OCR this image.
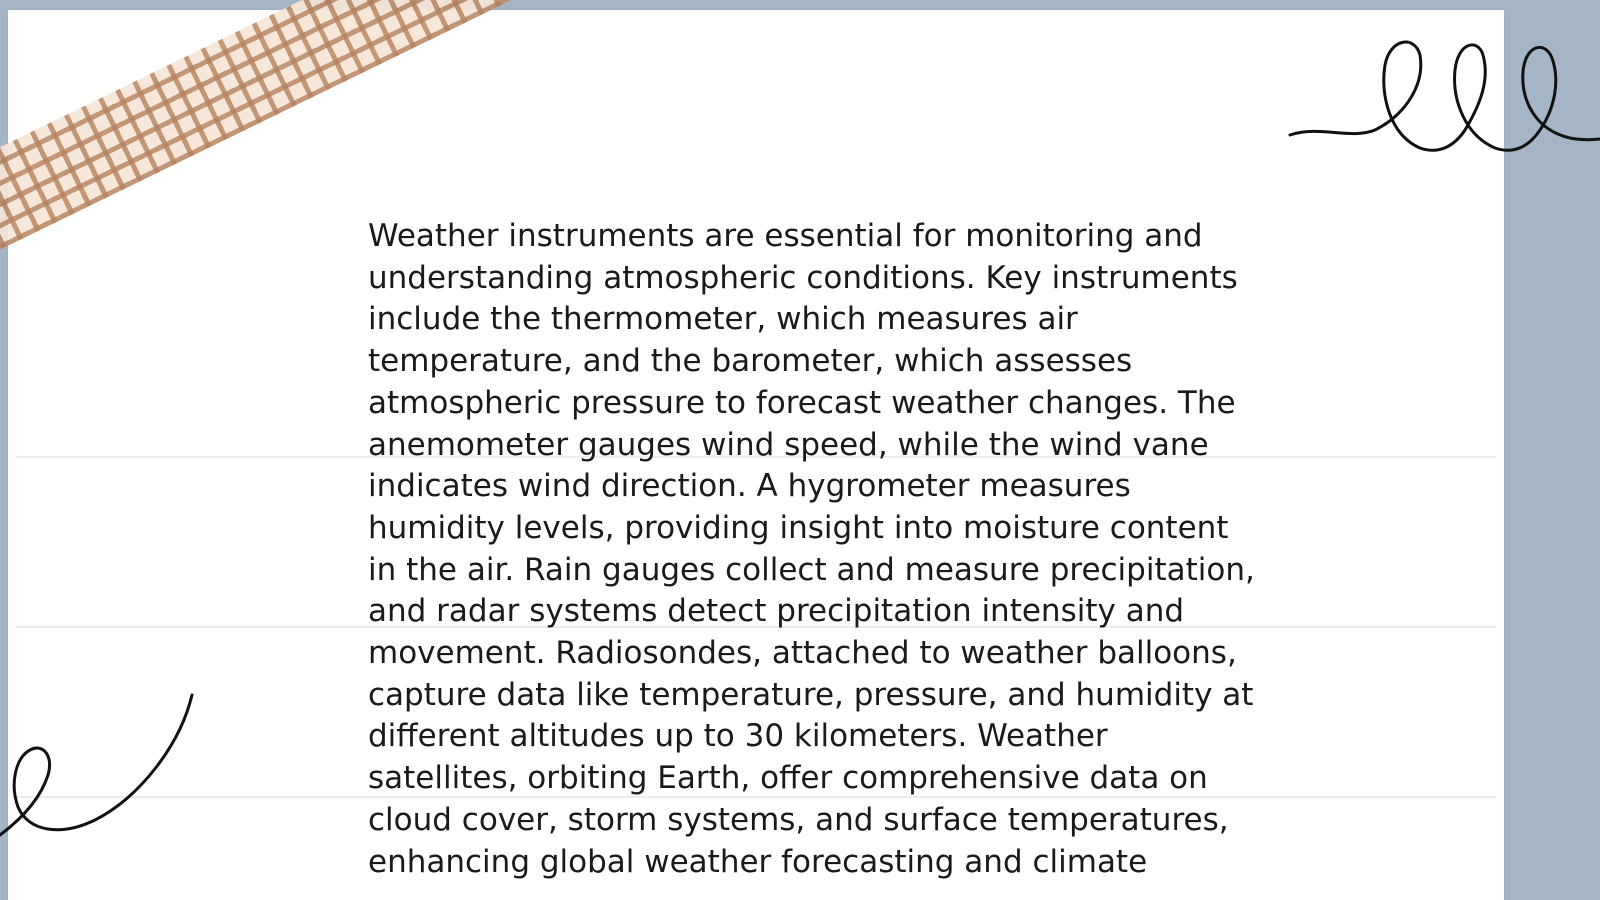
Weather instruments are essential for monitoring and understanding atmospheric conditions. Key instruments include the thermometer, which measures air temperature, and the barometer, which assesses atmospheric pressure to forecast weather changes. The anemometer gauges wind speed, while the wind vane indicates wind direction. A hygrometer measures humidity levels, providing insight into moisture content in the air. Rain gauges collect and measure precipitation, and radar systems detect precipitation intensity and movement. Radiosondes, attached to weather balloons, capture data like temperature, pressure, and humidity at different altitudes up to 30 kilometers. Weather satellites, orbiting Earth, offer comprehensive data on cloud cover, storm systems, and surface temperatures, enhancing global weather forecasting and climate
